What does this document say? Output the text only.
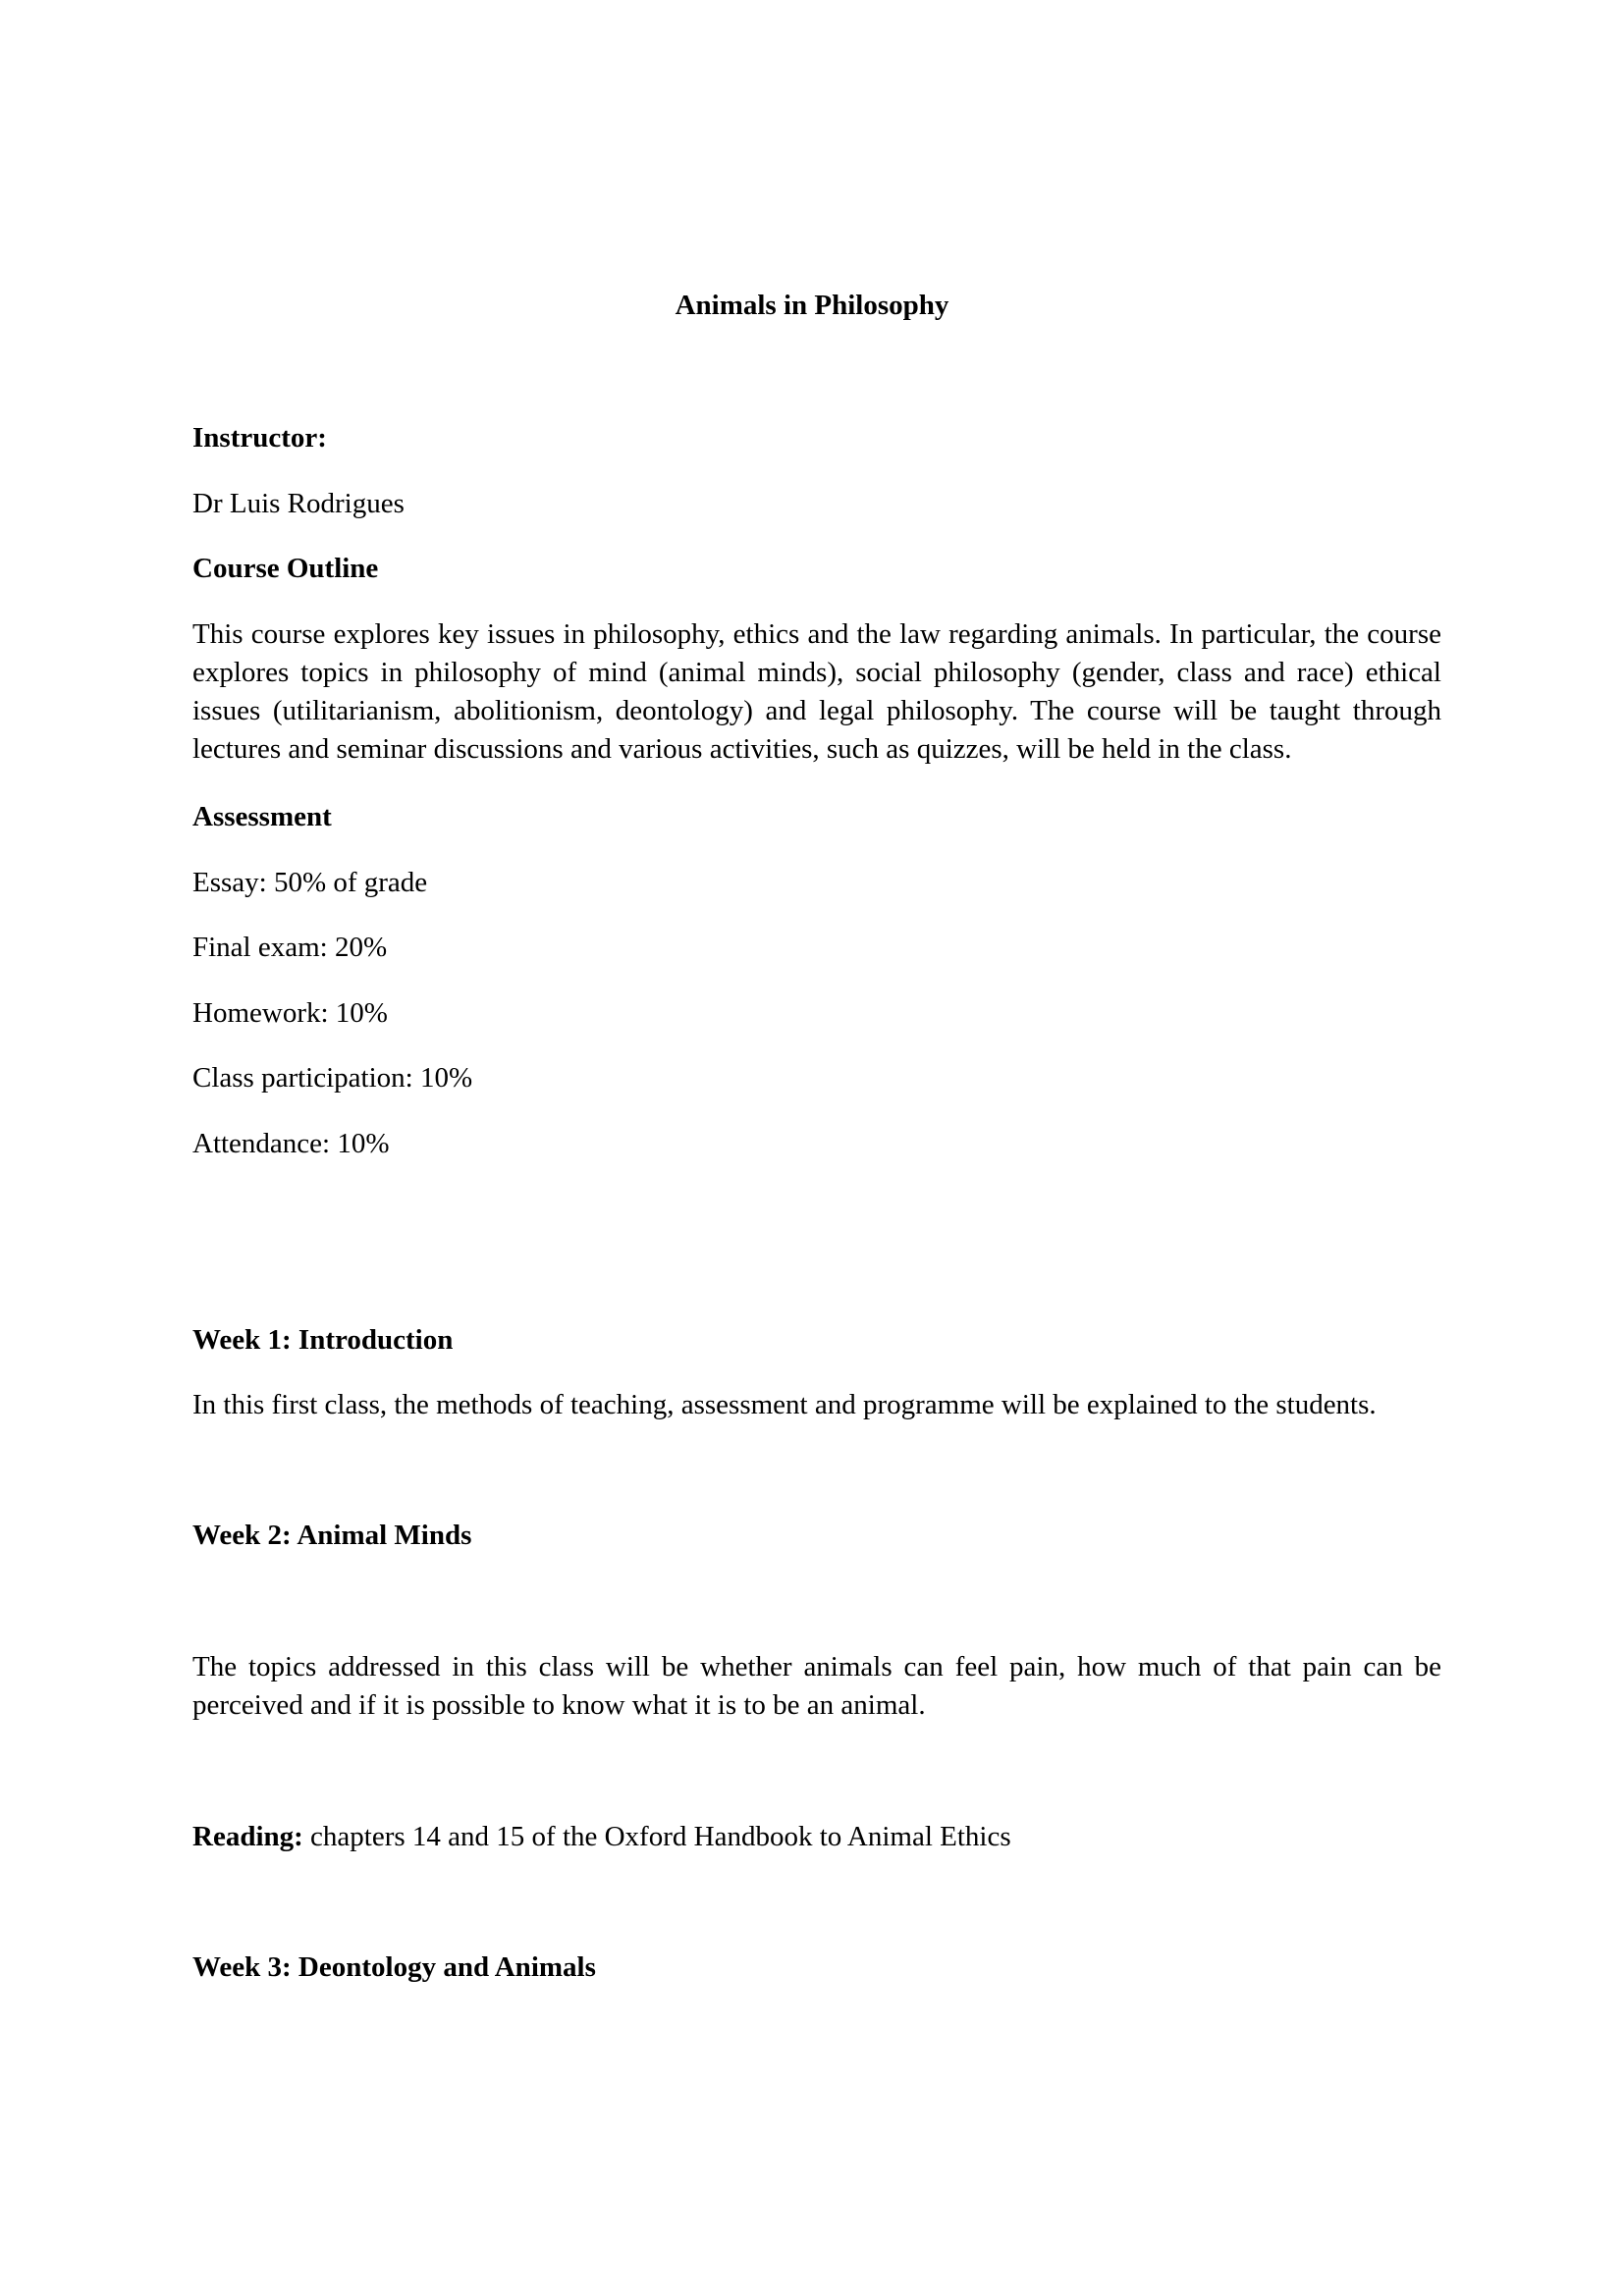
Animals in Philosophy
Instructor:
Dr Luis Rodrigues
Course Outline
This course explores key issues in philosophy, ethics and the law regarding animals. In particular, the course explores topics in philosophy of mind (animal minds), social philosophy (gender, class and race) ethical issues (utilitarianism, abolitionism, deontology) and legal philosophy. The course will be taught through lectures and seminar discussions and various activities, such as quizzes, will be held in the class.
Assessment
Essay: 50% of grade
Final exam: 20%
Homework: 10%
Class participation: 10%
Attendance: 10%
Week 1: Introduction
In this first class, the methods of teaching, assessment and programme will be explained to the students.
Week 2: Animal Minds
The topics addressed in this class will be whether animals can feel pain, how much of that pain can be perceived and if it is possible to know what it is to be an animal.
Reading: chapters 14 and 15 of the Oxford Handbook to Animal Ethics
Week 3: Deontology and Animals
